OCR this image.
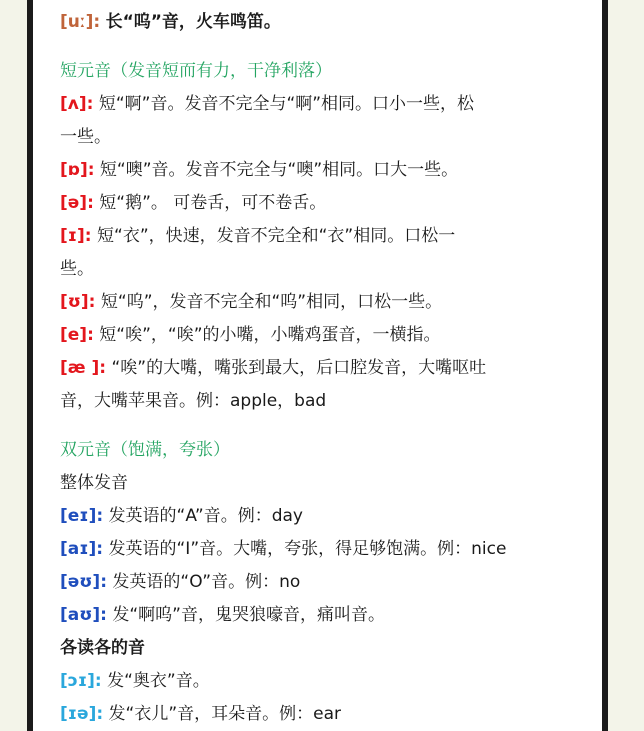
[uː]: 长“呜”音，火车鸣笛。
短元音（发音短而有力，干净利落）
[ʌ]: 短“啊”音。发音不完全与“啊”相同。口小一些，松
一些。
[ɒ]: 短“噢”音。发音不完全与“噢”相同。口大一些。
[ə]: 短“鹅”。 可卷舌，可不卷舌。
[ɪ]: 短“衣”，快速，发音不完全和“衣”相同。口松一
些。
[ʊ]: 短“呜”，发音不完全和“呜”相同，口松一些。
[e]: 短“唉”，“唉”的小嘴，小嘴鸡蛋音，一横指。
[æ ]: “唉”的大嘴，嘴张到最大，后口腔发音，大嘴呕吐
音，大嘴苹果音。例：apple，bad
双元音（饱满，夸张）
整体发音
[eɪ]: 发英语的“A”音。例：day
[aɪ]: 发英语的“I”音。大嘴，夸张，得足够饱满。例：nice
[əʊ]: 发英语的“O”音。例：no
[aʊ]: 发“啊呜”音，鬼哭狼嚎音，痛叫音。
各读各的音
[ɔɪ]: 发“奥衣”音。
[ɪə]: 发“衣儿”音，耳朵音。例：ear
